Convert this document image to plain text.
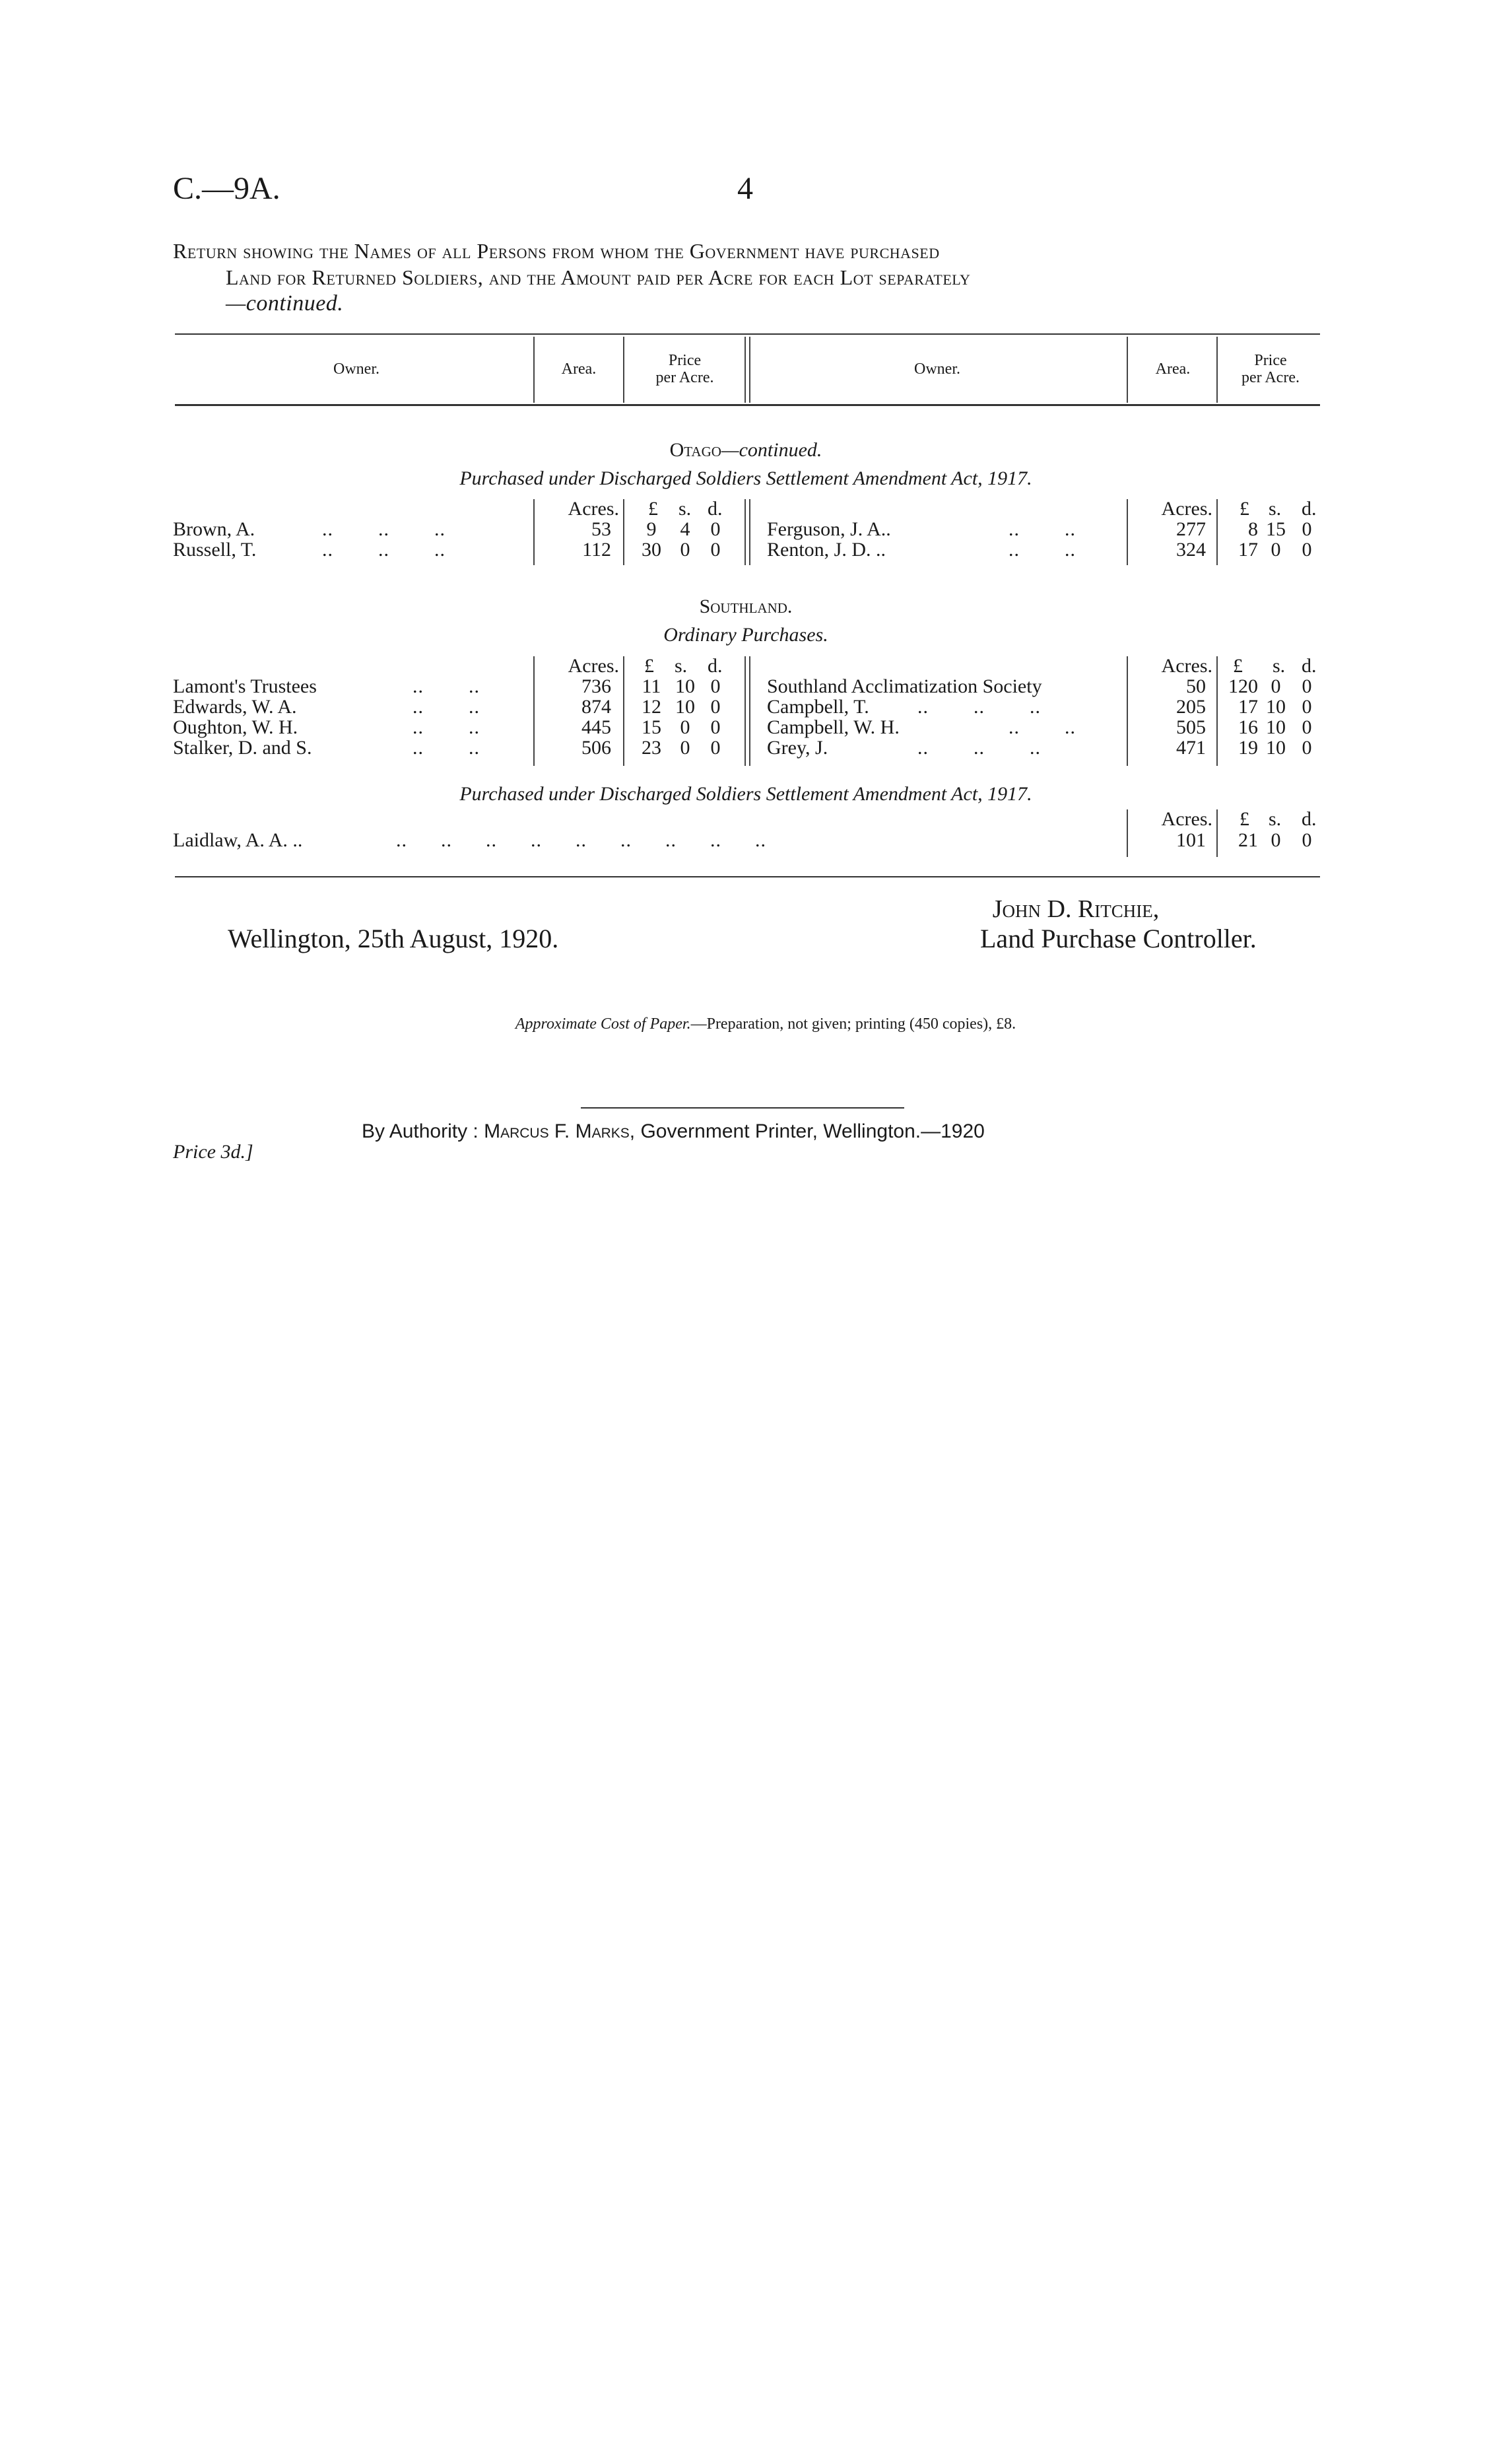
C.—9A.	4
Return showing the Names of all Persons from whom the Government have purchased
Land for Returned Soldiers, and the Amount paid per Acre for each Lot separately
—continued.
Owner.	Area.	Price
per Acre.	Owner.	Area.	Price
per Acre.
Otago—continued.
Purchased under Discharged Soldiers Settlement Amendment Act, 1917.
Acres. £ s. d.	Acres. £ s. d.
Brown, A.	..        ..        ..	53	9	4	0	Ferguson, J. A..	..        ..	277	8 15 0
Russell, T.	..        ..        ..	112	30 0	0	Renton, J. D. ..	..        ..	324	17 0	0
Southland.
Ordinary Purchases.
Acres. £ s. d.	Acres. £ s. d.
Lamont's Trustees	..        ..	736	11 10 0	Southland Acclimatization Society	50	120 0	0
Edwards, W. A.	..        ..	874	12 10 0	Campbell, T. ..        ..        ..	205	17 10 0
Oughton, W. H.	..        ..	445	15 0	0	Campbell, W. H.	..        ..	505	16 10 0
Stalker, D. and S.	..        ..	506	23 0	0	Grey, J.	..        ..        ..	471	19 10 0
Purchased under Discharged Soldiers Settlement Amendment Act, 1917.
Acres. £ s. d.
Laidlaw, A. A. ..	..      ..      ..      ..      ..      ..      ..      ..      ..	101	21 0	0
John D. Ritchie,
Wellington, 25th August, 1920.	Land Purchase Controller.
Approximate Cost of Paper.—Preparation, not given; printing (450 copies), £8.
By Authority : Marcus F. Marks, Government Printer, Wellington.—1920
Price 3d.]
